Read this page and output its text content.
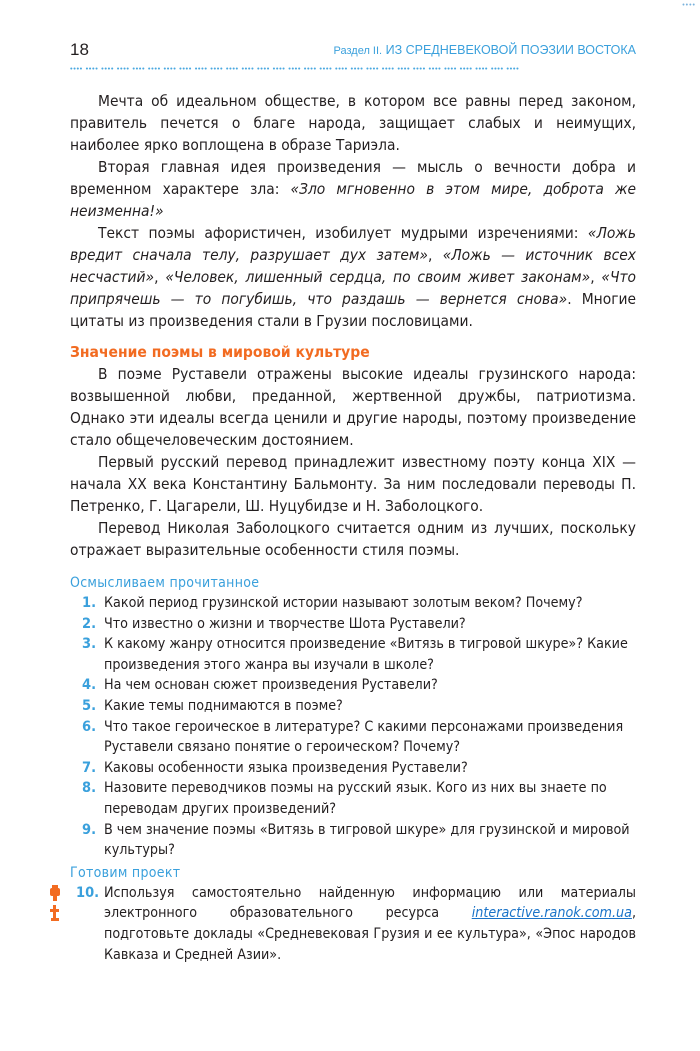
••••
18	Раздел II. ИЗ СРЕДНЕВЕКОВОЙ ПОЭЗИИ ВОСТОКА
•••• •••• •••• •••• •••• •••• •••• •••• •••• •••• •••• •••• •••• •••• •••• •••• •••• •••• •••• •••• •••• •••• •••• •••• •••• •••• •••• •••• ••••

Мечта об идеальном обществе, в котором все равны перед законом, правитель печется о благе народа, защищает слабых и неимущих, наиболее ярко воплощена в образе Тариэла.

Вторая главная идея произведения — мысль о вечности добра и временном характере зла: «Зло мгновенно в этом мире, доброта же неизменна!»

Текст поэмы афористичен, изобилует мудрыми изречениями: «Ложь вредит сначала телу, разрушает дух затем», «Ложь — источник всех несчастий», «Человек, лишенный сердца, по своим живет законам», «Что припрячешь — то погубишь, что раздашь — вернется снова». Многие цитаты из произведения стали в Грузии пословицами.

Значение поэмы в мировой культуре

В поэме Руставели отражены высокие идеалы грузинского народа: возвышенной любви, преданной, жертвенной дружбы, патриотизма. Однако эти идеалы всегда ценили и другие народы, поэтому произведение стало общечеловеческим достоянием.

Первый русский перевод принадлежит известному поэту конца XIX — начала XX века Константину Бальмонту. За ним последовали переводы П. Петренко, Г. Цагарели, Ш. Нуцубидзе и Н. Заболоцкого.

Перевод Николая Заболоцкого считается одним из лучших, поскольку отражает выразительные особенности стиля поэмы.

Осмысливаем прочитанное
1. Какой период грузинской истории называют золотым веком? Почему?
2. Что известно о жизни и творчестве Шота Руставели?
3. К какому жанру относится произведение «Витязь в тигровой шкуре»? Какие произведения этого жанра вы изучали в школе?
4. На чем основан сюжет произведения Руставели?
5. Какие темы поднимаются в поэме?
6. Что такое героическое в литературе? С какими персонажами произведения Руставели связано понятие о героическом? Почему?
7. Каковы особенности языка произведения Руставели?
8. Назовите переводчиков поэмы на русский язык. Кого из них вы знаете по переводам других произведений?
9. В чем значение поэмы «Витязь в тигровой шкуре» для грузинской и мировой культуры?
Готовим проект
10. Используя самостоятельно найденную информацию или материалы электронного образовательного ресурса interactive.ranok.com.ua, подготовьте доклады «Средневековая Грузия и ее культура», «Эпос народов Кавказа и Средней Азии».
